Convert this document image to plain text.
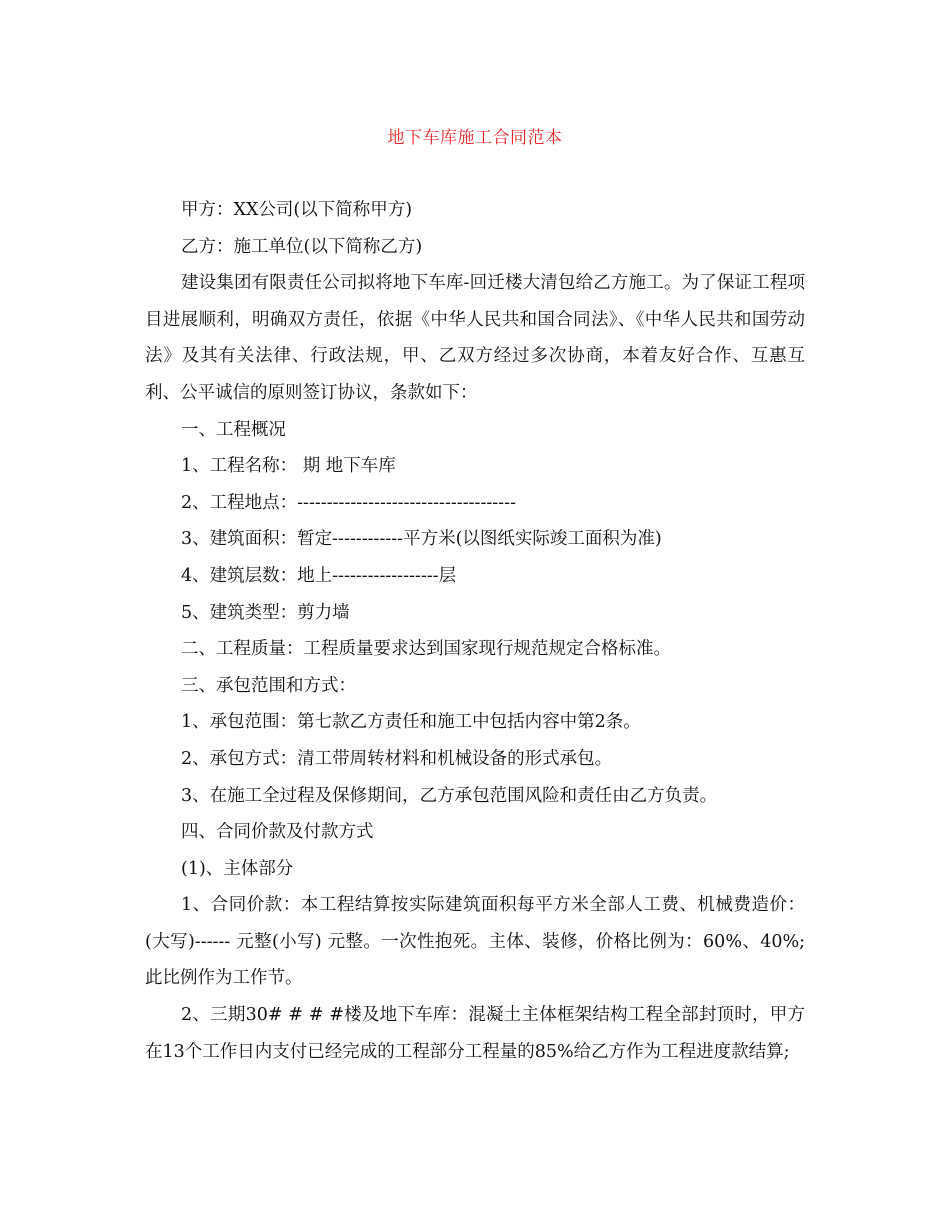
地下车库施工合同范本

甲方：XX公司(以下简称甲方)

乙方：施工单位(以下简称乙方)

建设集团有限责任公司拟将地下车库-回迁楼大清包给乙方施工。为了保证工程项目进展顺利，明确双方责任，依据《中华人民共和国合同法》、《中华人民共和国劳动法》及其有关法律、行政法规，甲、乙双方经过多次协商，本着友好合作、互惠互利、公平诚信的原则签订协议，条款如下：

一、工程概况

1、工程名称： 期 地下车库

2、工程地点：-------------------------------------

3、建筑面积：暂定------------平方米(以图纸实际竣工面积为准)

4、建筑层数：地上------------------层

5、建筑类型：剪力墙

二、工程质量：工程质量要求达到国家现行规范规定合格标准。

三、承包范围和方式：

1、承包范围：第七款乙方责任和施工中包括内容中第2条。

2、承包方式：清工带周转材料和机械设备的形式承包。

3、在施工全过程及保修期间，乙方承包范围风险和责任由乙方负责。

四、合同价款及付款方式

(1)、主体部分

1、合同价款：本工程结算按实际建筑面积每平方米全部人工费、机械费造价：(大写)------ 元整(小写) 元整。一次性抱死。主体、装修，价格比例为：60%、40%;此比例作为工作节。

2、三期30# # # #楼及地下车库：混凝土主体框架结构工程全部封顶时，甲方在13个工作日内支付已经完成的工程部分工程量的85%给乙方作为工程进度款结算;
